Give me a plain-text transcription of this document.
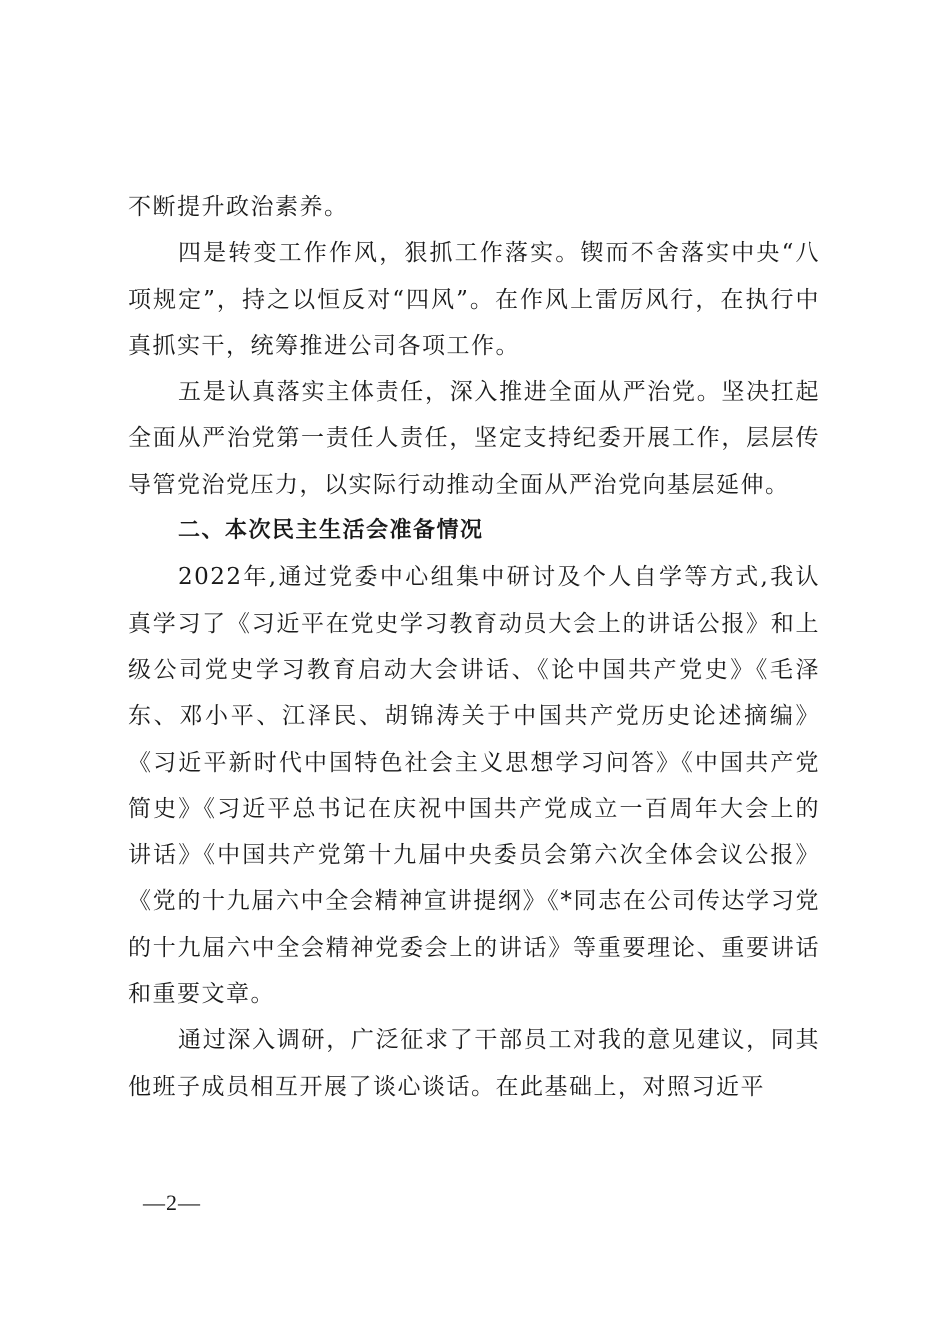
不断提升政治素养。

四是转变工作作风，狠抓工作落实。锲而不舍落实中央“八项规定”，持之以恒反对“四风”。在作风上雷厉风行，在执行中真抓实干，统筹推进公司各项工作。

五是认真落实主体责任，深入推进全面从严治党。坚决扛起全面从严治党第一责任人责任，坚定支持纪委开展工作，层层传导管党治党压力，以实际行动推动全面从严治党向基层延伸。

二、本次民主生活会准备情况

2022年,通过党委中心组集中研讨及个人自学等方式,我认真学习了《习近平在党史学习教育动员大会上的讲话公报》和上级公司党史学习教育启动大会讲话、《论中国共产党史》《毛泽东、邓小平、江泽民、胡锦涛关于中国共产党历史论述摘编》《习近平新时代中国特色社会主义思想学习问答》《中国共产党简史》《习近平总书记在庆祝中国共产党成立一百周年大会上的讲话》《中国共产党第十九届中央委员会第六次全体会议公报》《党的十九届六中全会精神宣讲提纲》《*同志在公司传达学习党的十九届六中全会精神党委会上的讲话》等重要理论、重要讲话和重要文章。

通过深入调研，广泛征求了干部员工对我的意见建议，同其他班子成员相互开展了谈心谈话。在此基础上，对照习近平

—2—
